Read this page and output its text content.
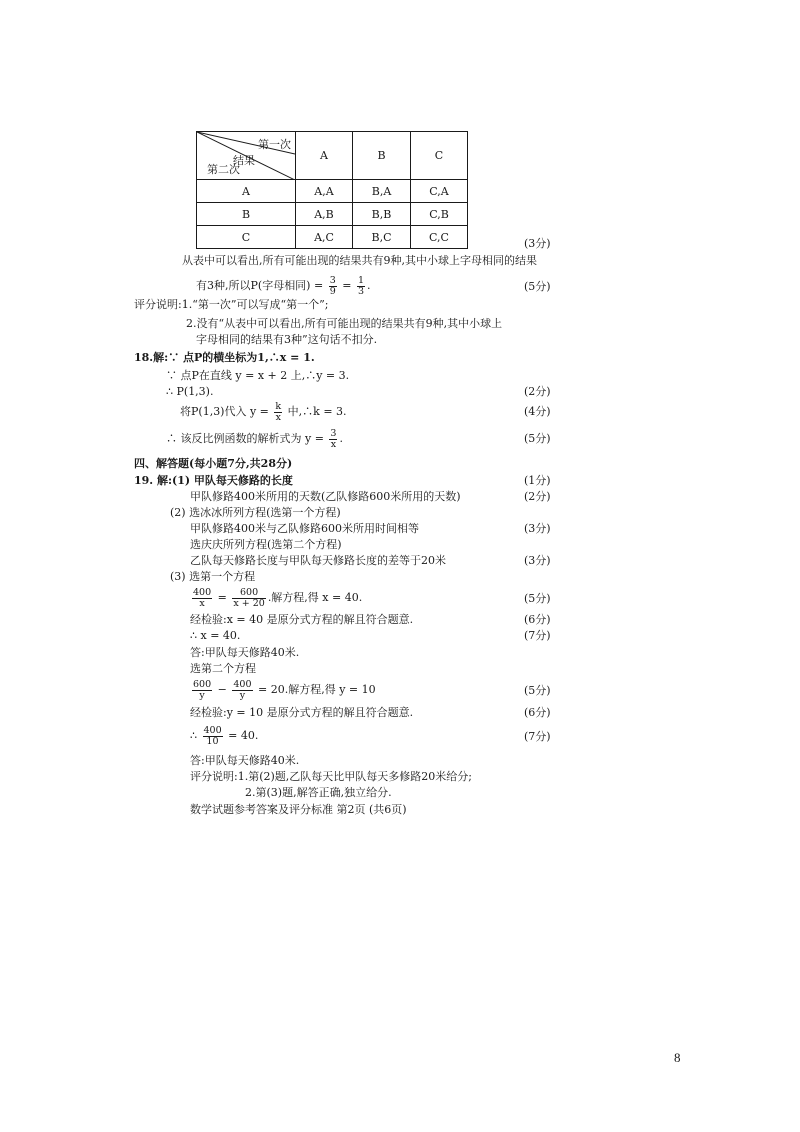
第一次
结果
第二次	A	B	C
A	A,A	B,A	C,A
B	A,B	B,B	C,B
C	A,C	B,C	C,C	(3分)
从表中可以看出,所有可能出现的结果共有9种,其中小球上字母相同的结果
有3种,所以P(字母相同) = $\frac{3}{9} = \frac{1}{3}$ .	(5分)
评分说明:1.“第一次”可以写成“第一个”;
2.没有“从表中可以看出,所有可能出现的结果共有9种,其中小球上
字母相同的结果有3种”这句话不扣分.
18.解:∵ 点P的横坐标为1,∴x = 1.
∵ 点P在直线 y = x + 2 上,∴y = 3.
∴ P(1,3).	(2分)
将P(1,3)代入 $y = \frac{k}{x}$ 中,∴k = 3.	(4分)
∴ 该反比例函数的解析式为 $y = \frac{3}{x}$ .	(5分)
四、解答题(每小题7分,共28分)
19. 解:(1) 甲队每天修路的长度	(1分)
甲队修路400米所用的天数(乙队修路600米所用的天数)	(2分)
(2) 选冰冰所列方程(选第一个方程)
甲队修路400米与乙队修路600米所用时间相等	(3分)
选庆庆所列方程(选第二个方程)
乙队每天修路长度与甲队每天修路长度的差等于20米	(3分)
(3) 选第一个方程
$\frac{400}{x} = \frac{600}{x + 20}$ .解方程,得 x = 40.	(5分)
经检验:x = 40 是原分式方程的解且符合题意.	(6分)
∴ x = 40.	(7分)
答:甲队每天修路40米.
选第二个方程
$\frac{600}{y} - \frac{400}{y} = 20$.解方程,得 y = 10	(5分)
经检验:y = 10 是原分式方程的解且符合题意.	(6分)
∴ $\frac{400}{10} = 40$.	(7分)
答:甲队每天修路40米.
评分说明:1.第(2)题,乙队每天比甲队每天多修路20米给分;
2.第(3)题,解答正确,独立给分.
数学试题参考答案及评分标准 第2页 (共6页)
8
